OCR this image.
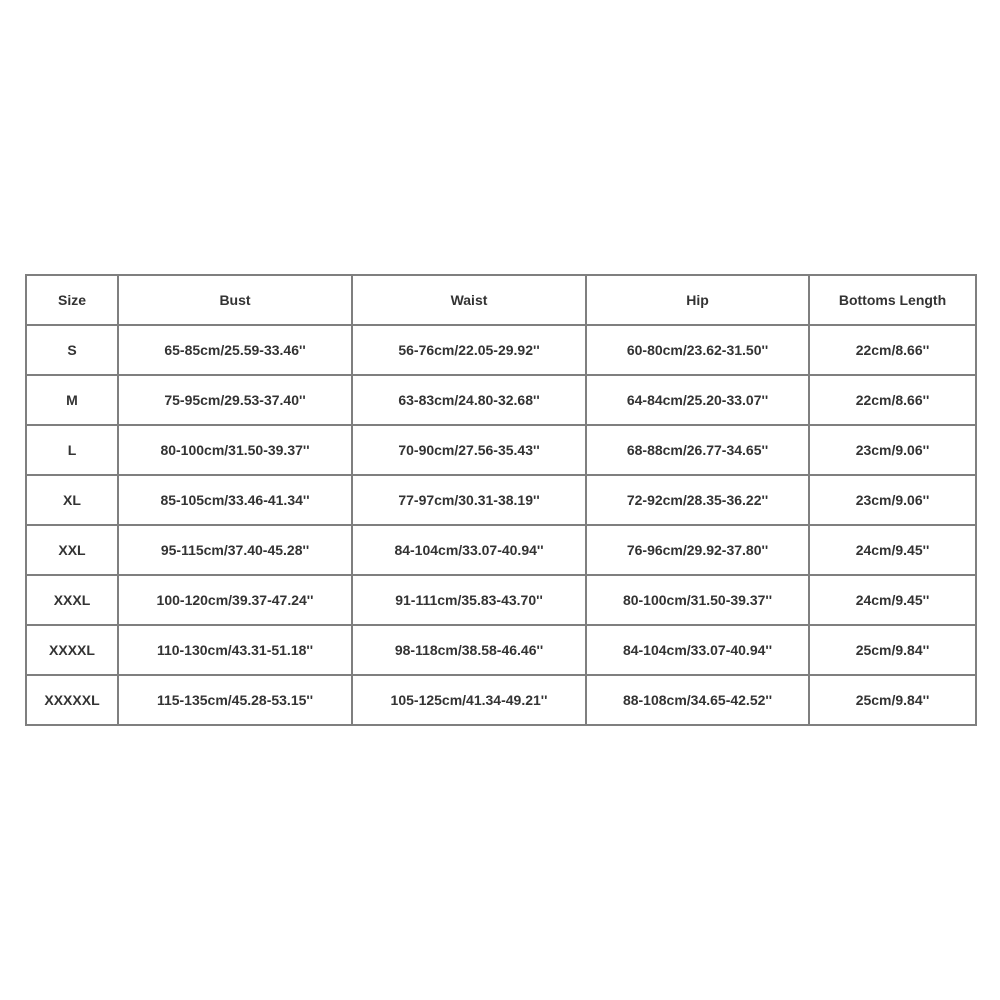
Size	Bust	Waist	Hip	Bottoms Length
S	65-85cm/25.59-33.46''	56-76cm/22.05-29.92''	60-80cm/23.62-31.50''	22cm/8.66''
M	75-95cm/29.53-37.40''	63-83cm/24.80-32.68''	64-84cm/25.20-33.07''	22cm/8.66''
L	80-100cm/31.50-39.37''	70-90cm/27.56-35.43''	68-88cm/26.77-34.65''	23cm/9.06''
XL	85-105cm/33.46-41.34''	77-97cm/30.31-38.19''	72-92cm/28.35-36.22''	23cm/9.06''
XXL	95-115cm/37.40-45.28''	84-104cm/33.07-40.94''	76-96cm/29.92-37.80''	24cm/9.45''
XXXL	100-120cm/39.37-47.24''	91-111cm/35.83-43.70''	80-100cm/31.50-39.37''	24cm/9.45''
XXXXL	110-130cm/43.31-51.18''	98-118cm/38.58-46.46''	84-104cm/33.07-40.94''	25cm/9.84''
XXXXXL	115-135cm/45.28-53.15''	105-125cm/41.34-49.21''	88-108cm/34.65-42.52''	25cm/9.84''
